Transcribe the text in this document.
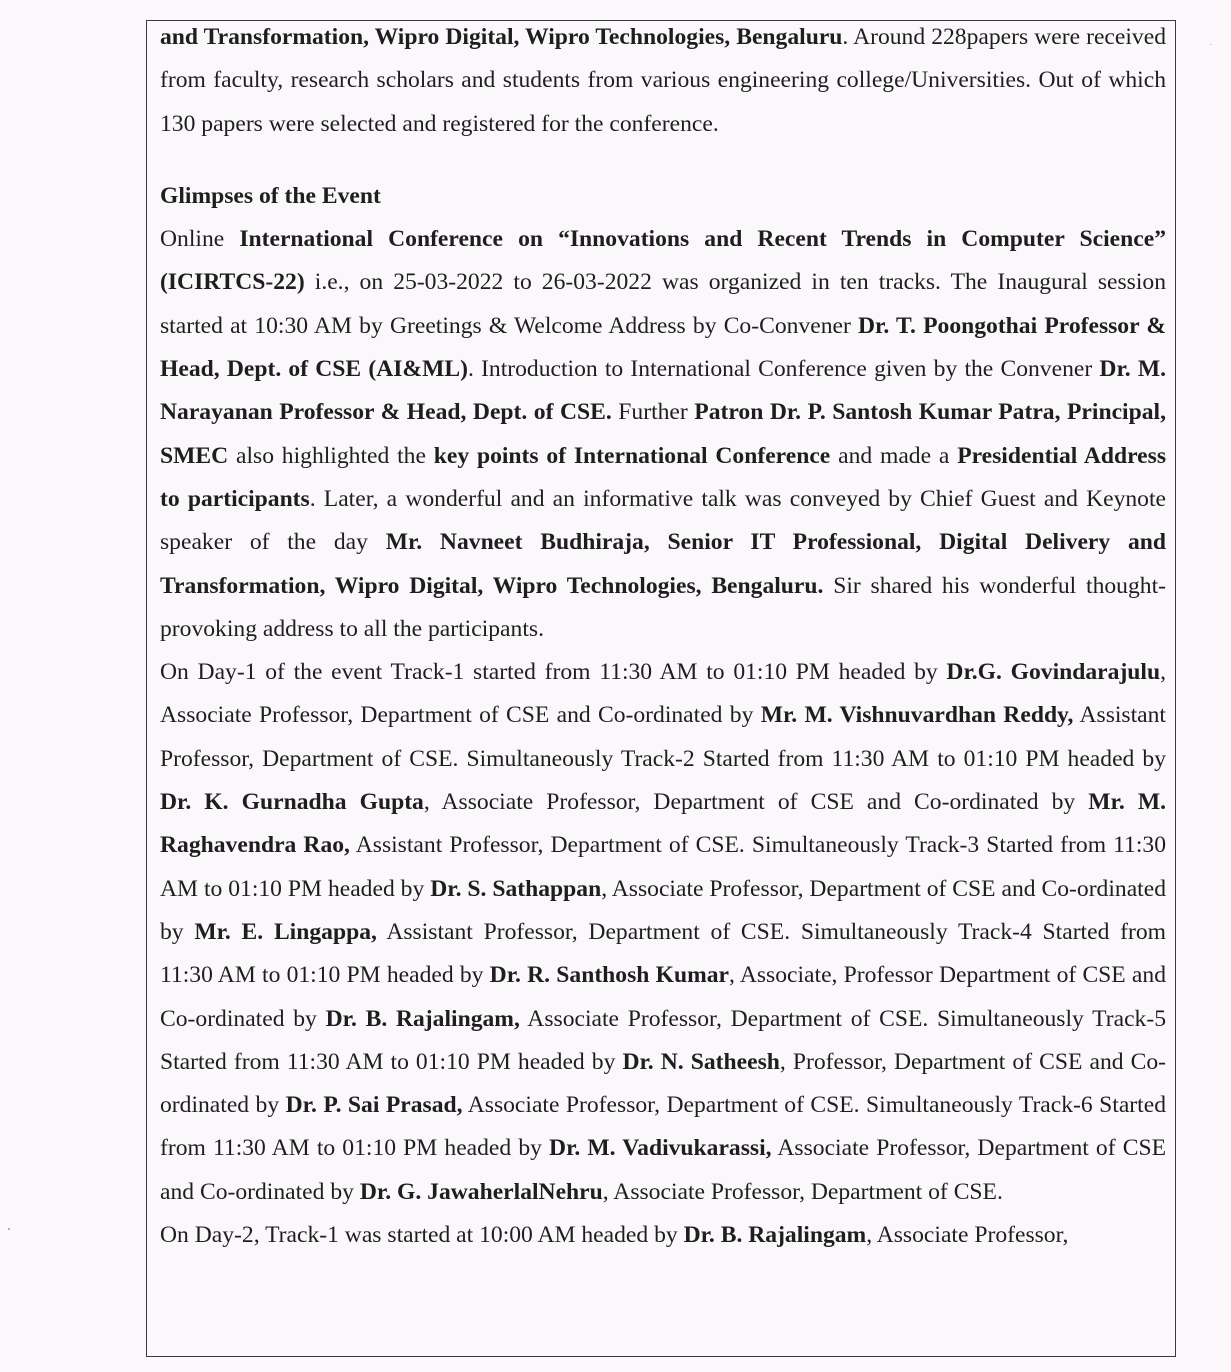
and Transformation, Wipro Digital, Wipro Technologies, Bengaluru. Around 228papers were received from faculty, research scholars and students from various engineering college/Universities. Out of which 130 papers were selected and registered for the conference.

Glimpses of the Event

Online International Conference on “Innovations and Recent Trends in Computer Science” (ICIRTCS-22) i.e., on 25-03-2022 to 26-03-2022 was organized in ten tracks. The Inaugural session started at 10:30 AM by Greetings & Welcome Address by Co-Convener Dr. T. Poongothai Professor & Head, Dept. of CSE (AI&ML). Introduction to International Conference given by the Convener Dr. M. Narayanan Professor & Head, Dept. of CSE. Further Patron Dr. P. Santosh Kumar Patra, Principal, SMEC also highlighted the key points of International Conference and made a Presidential Address to participants. Later, a wonderful and an informative talk was conveyed by Chief Guest and Keynote speaker of the day Mr. Navneet Budhiraja, Senior IT Professional, Digital Delivery and Transformation, Wipro Digital, Wipro Technologies, Bengaluru. Sir shared his wonderful thought-provoking address to all the participants.

On Day-1 of the event Track-1 started from 11:30 AM to 01:10 PM headed by Dr.G. Govindarajulu, Associate Professor, Department of CSE and Co-ordinated by Mr. M. Vishnuvardhan Reddy, Assistant Professor, Department of CSE. Simultaneously Track-2 Started from 11:30 AM to 01:10 PM headed by Dr. K. Gurnadha Gupta, Associate Professor, Department of CSE and Co-ordinated by Mr. M. Raghavendra Rao, Assistant Professor, Department of CSE. Simultaneously Track-3 Started from 11:30 AM to 01:10 PM headed by Dr. S. Sathappan, Associate Professor, Department of CSE and Co-ordinated by Mr. E. Lingappa, Assistant Professor, Department of CSE. Simultaneously Track-4 Started from 11:30 AM to 01:10 PM headed by Dr. R. Santhosh Kumar, Associate, Professor Department of CSE and Co-ordinated by Dr. B. Rajalingam, Associate Professor, Department of CSE. Simultaneously Track-5 Started from 11:30 AM to 01:10 PM headed by Dr. N. Satheesh, Professor, Department of CSE and Co-ordinated by Dr. P. Sai Prasad, Associate Professor, Department of CSE. Simultaneously Track-6 Started from 11:30 AM to 01:10 PM headed by Dr. M. Vadivukarassi, Associate Professor, Department of CSE and Co-ordinated by Dr. G. JawaherlalNehru, Associate Professor, Department of CSE.

On Day-2, Track-1 was started at 10:00 AM headed by Dr. B. Rajalingam, Associate Professor,
